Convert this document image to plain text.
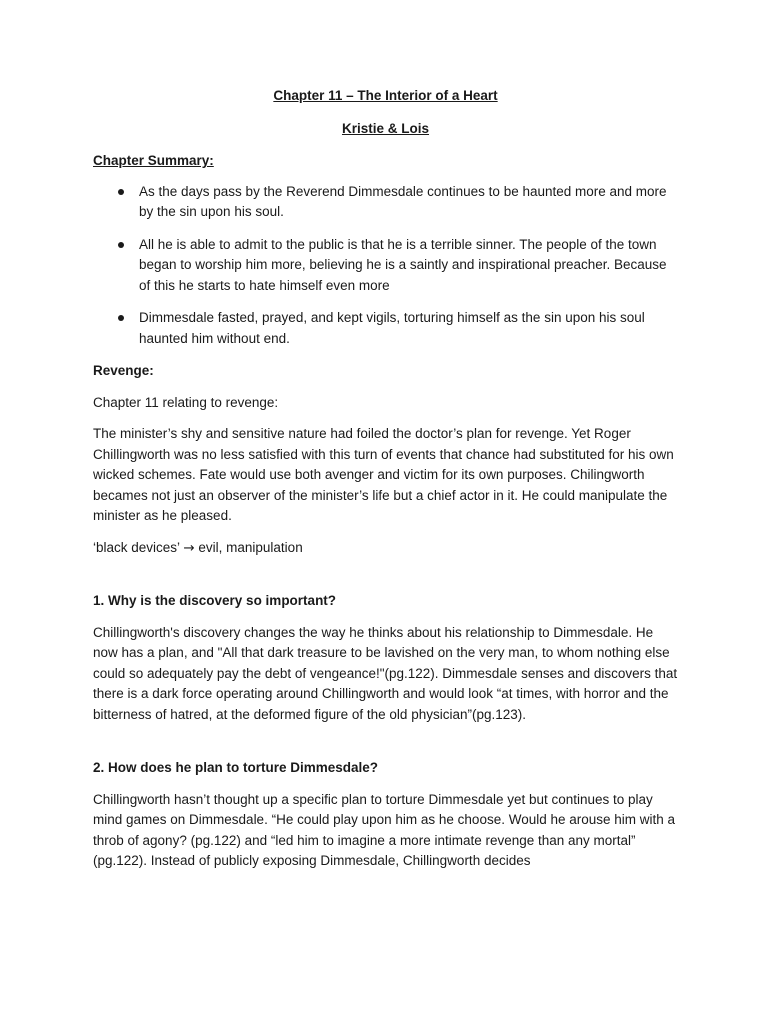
Chapter 11 – The Interior of a Heart
Kristie & Lois
Chapter Summary:
As the days pass by the Reverend Dimmesdale continues to be haunted more and more by the sin upon his soul.
All he is able to admit to the public is that he is a terrible sinner. The people of the town began to worship him more, believing he is a saintly and inspirational preacher. Because of this he starts to hate himself even more
Dimmesdale fasted, prayed, and kept vigils, torturing himself as the sin upon his soul haunted him without end.
Revenge:

Chapter 11 relating to revenge:

The minister’s shy and sensitive nature had foiled the doctor’s plan for revenge. Yet Roger Chillingworth was no less satisfied with this turn of events that chance had substituted for his own wicked schemes. Fate would use both avenger and victim for its own purposes. Chilingworth becames not just an observer of the minister’s life but a chief actor in it. He could manipulate the minister as he pleased.

‘black devices’ → evil, manipulation

1. Why is the discovery so important?

Chillingworth's discovery changes the way he thinks about his relationship to Dimmesdale. He now has a plan, and "All that dark treasure to be lavished on the very man, to whom nothing else could so adequately pay the debt of vengeance!"(pg.122). Dimmesdale senses and discovers that there is a dark force operating around Chillingworth and would look “at times, with horror and the bitterness of hatred, at the deformed figure of the old physician”(pg.123).

2. How does he plan to torture Dimmesdale?

Chillingworth hasn’t thought up a specific plan to torture Dimmesdale yet but continues to play mind games on Dimmesdale. “He could play upon him as he choose. Would he arouse him with a throb of agony? (pg.122) and “led him to imagine a more intimate revenge than any mortal” (pg.122). Instead of publicly exposing Dimmesdale, Chillingworth decides
